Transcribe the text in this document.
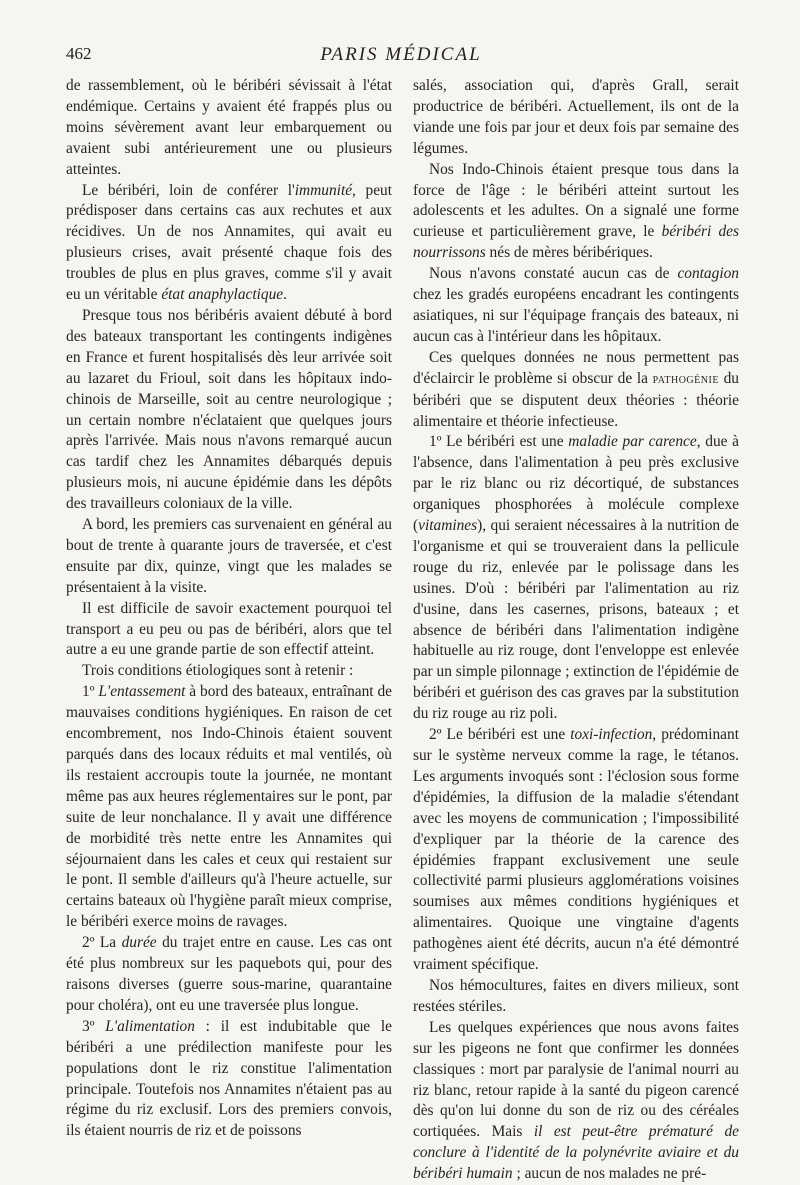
462	PARIS MÉDICAL

de rassemblement, où le béribéri sévissait à l'état endémique. Certains y avaient été frappés plus ou moins sévèrement avant leur embarquement ou avaient subi antérieurement une ou plusieurs atteintes.

Le béribéri, loin de conférer l'immunité, peut prédisposer dans certains cas aux rechutes et aux récidives. Un de nos Annamites, qui avait eu plusieurs crises, avait présenté chaque fois des troubles de plus en plus graves, comme s'il y avait eu un véritable état anaphylactique.

Presque tous nos béribéris avaient débuté à bord des bateaux transportant les contingents indigènes en France et furent hospitalisés dès leur arrivée soit au lazaret du Frioul, soit dans les hôpitaux indo-chinois de Marseille, soit au centre neurologique ; un certain nombre n'éclataient que quelques jours après l'arrivée. Mais nous n'avons remarqué aucun cas tardif chez les Annamites débarqués depuis plusieurs mois, ni aucune épidémie dans les dépôts des travailleurs coloniaux de la ville.

A bord, les premiers cas survenaient en général au bout de trente à quarante jours de traversée, et c'est ensuite par dix, quinze, vingt que les malades se présentaient à la visite.

Il est difficile de savoir exactement pourquoi tel transport a eu peu ou pas de béribéri, alors que tel autre a eu une grande partie de son effectif atteint.

Trois conditions étiologiques sont à retenir :

1º L'entassement à bord des bateaux, entraînant de mauvaises conditions hygiéniques. En raison de cet encombrement, nos Indo-Chinois étaient souvent parqués dans des locaux réduits et mal ventilés, où ils restaient accroupis toute la journée, ne montant même pas aux heures réglementaires sur le pont, par suite de leur nonchalance. Il y avait une différence de morbidité très nette entre les Annamites qui séjournaient dans les cales et ceux qui restaient sur le pont. Il semble d'ailleurs qu'à l'heure actuelle, sur certains bateaux où l'hygiène paraît mieux comprise, le béribéri exerce moins de ravages.

2º La durée du trajet entre en cause. Les cas ont été plus nombreux sur les paquebots qui, pour des raisons diverses (guerre sous-marine, quarantaine pour choléra), ont eu une traversée plus longue.

3º L'alimentation : il est indubitable que le béribéri a une prédilection manifeste pour les populations dont le riz constitue l'alimentation principale. Toutefois nos Annamites n'étaient pas au régime du riz exclusif. Lors des premiers convois, ils étaient nourris de riz et de poissons

salés, association qui, d'après Grall, serait productrice de béribéri. Actuellement, ils ont de la viande une fois par jour et deux fois par semaine des légumes.

Nos Indo-Chinois étaient presque tous dans la force de l'âge : le béribéri atteint surtout les adolescents et les adultes. On a signalé une forme curieuse et particulièrement grave, le béribéri des nourrissons nés de mères béribériques.

Nous n'avons constaté aucun cas de contagion chez les gradés européens encadrant les contingents asiatiques, ni sur l'équipage français des bateaux, ni aucun cas à l'intérieur dans les hôpitaux.

Ces quelques données ne nous permettent pas d'éclaircir le problème si obscur de la pathogénie du béribéri que se disputent deux théories : théorie alimentaire et théorie infectieuse.

1º Le béribéri est une maladie par carence, due à l'absence, dans l'alimentation à peu près exclusive par le riz blanc ou riz décortiqué, de substances organiques phosphorées à molécule complexe (vitamines), qui seraient nécessaires à la nutrition de l'organisme et qui se trouveraient dans la pellicule rouge du riz, enlevée par le polissage dans les usines. D'où : béribéri par l'alimentation au riz d'usine, dans les casernes, prisons, bateaux ; et absence de béribéri dans l'alimentation indigène habituelle au riz rouge, dont l'enveloppe est enlevée par un simple pilonnage ; extinction de l'épidémie de béribéri et guérison des cas graves par la substitution du riz rouge au riz poli.

2º Le béribéri est une toxi-infection, prédominant sur le système nerveux comme la rage, le tétanos. Les arguments invoqués sont : l'éclosion sous forme d'épidémies, la diffusion de la maladie s'étendant avec les moyens de communication ; l'impossibilité d'expliquer par la théorie de la carence des épidémies frappant exclusivement une seule collectivité parmi plusieurs agglomérations voisines soumises aux mêmes conditions hygiéniques et alimentaires. Quoique une vingtaine d'agents pathogènes aient été décrits, aucun n'a été démontré vraiment spécifique.

Nos hémocultures, faites en divers milieux, sont restées stériles.

Les quelques expériences que nous avons faites sur les pigeons ne font que confirmer les données classiques : mort par paralysie de l'animal nourri au riz blanc, retour rapide à la santé du pigeon carencé dès qu'on lui donne du son de riz ou des céréales cortiquées. Mais il est peut-être prématuré de conclure à l'identité de la polynévrite aviaire et du béribéri humain ; aucun de nos malades ne pré-
